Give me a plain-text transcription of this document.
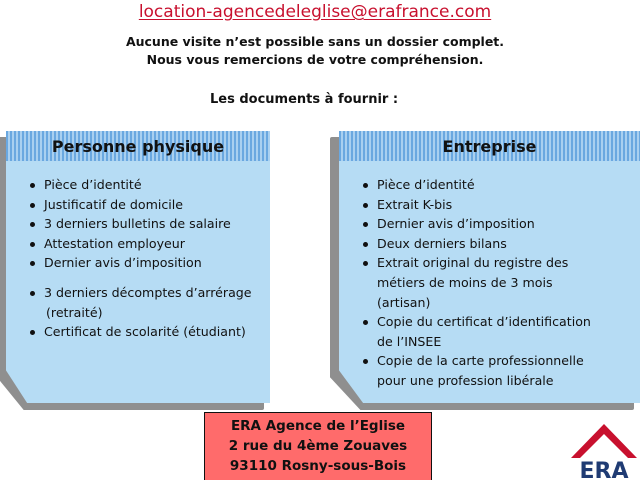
location-agencedeleglise@erafrance.com
Aucune visite n’est possible sans un dossier complet.
Nous vous remercions de votre compréhension.
Les documents à fournir :
Personne physique
Pièce d’identité
Justificatif de domicile
3 derniers bulletins de salaire
Attestation employeur
Dernier avis d’imposition
3 derniers décomptes d’arrérage
(retraité)
Certificat de scolarité (étudiant)
Entreprise
Pièce d’identité
Extrait K-bis
Dernier avis d’imposition
Deux derniers bilans
Extrait original du registre des
métiers de moins de 3 mois
(artisan)
Copie du certificat d’identification
de l’INSEE
Copie de la carte professionnelle
pour une profession libérale
ERA Agence de l’Eglise
2 rue du 4ème Zouaves
93110 Rosny-sous-Bois	ERA
